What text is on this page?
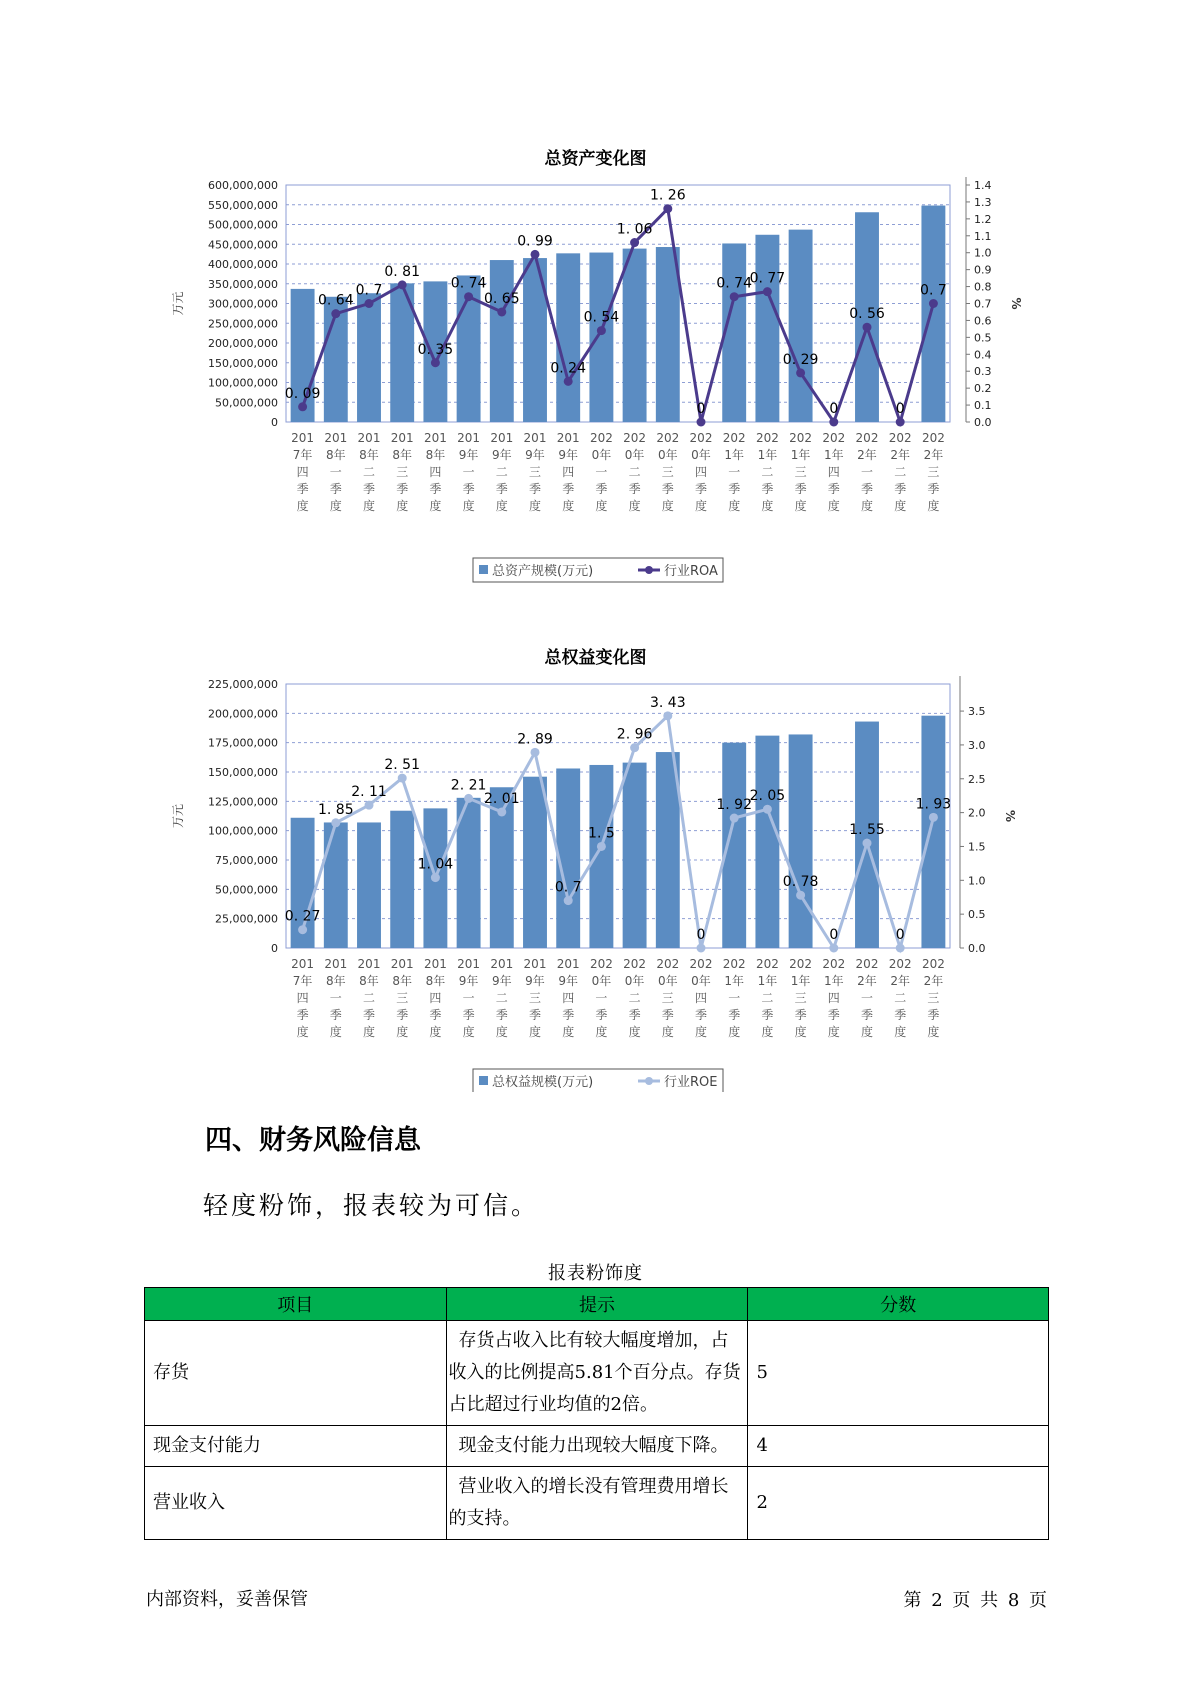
总资产变化图
0
50,000,000
100,000,000
150,000,000
200,000,000
250,000,000
300,000,000
350,000,000
400,000,000
450,000,000
500,000,000
550,000,000
600,000,000
0.0
0.1
0.2
0.3
0.4
0.5
0.6
0.7
0.8
0.9
1.0
1.1
1.2
1.3
1.4
万元	%
0. 09
0. 64
0. 7
0. 81
0. 35
0. 74
0. 65
0. 99
0. 24
0. 54
1. 06
1. 26
0
0. 74
0. 77
0. 29
0
0. 56
0
0. 7
201 7年四季度
201 8年一季度
201 8年二季度
201 8年三季度
201 8年四季度
201 9年一季度
201 9年二季度
201 9年三季度
201 9年四季度
202 0年一季度
202 0年二季度
202 0年三季度
202 0年四季度
202 1年一季度
202 1年二季度
202 1年三季度
202 1年四季度
202 2年一季度
202 2年二季度
202 2年三季度
总资产规模(万元)	行业ROA
总权益变化图
0
25,000,000
50,000,000
75,000,000
100,000,000
125,000,000
150,000,000
175,000,000
200,000,000
225,000,000
0.0
0.5
1.0
1.5
2.0
2.5
3.0
3.5
万元	%
0. 27
1. 85
2. 11
2. 51
1. 04
2. 21
2. 01
2. 89
0. 7
1. 5
2. 96
3. 43
0
1. 92
2. 05
0. 78
0
1. 55
0
1. 93
201 7年四季度
201 8年一季度
201 8年二季度
201 8年三季度
201 8年四季度
201 9年一季度
201 9年二季度
201 9年三季度
201 9年四季度
202 0年一季度
202 0年二季度
202 0年三季度
202 0年四季度
202 1年一季度
202 1年二季度
202 1年三季度
202 1年四季度
202 2年一季度
202 2年二季度
202 2年三季度
总权益规模(万元)	行业ROE
四、财务风险信息
轻度粉饰，报表较为可信。
报表粉饰度
项目	提示	分数
存货	存货占收入比有较大幅度增加，占收入的比例提高5.81个百分点。存货占比超过行业均值的2倍。	5
现金支付能力	现金支付能力出现较大幅度下降。	4
营业收入	营业收入的增长没有管理费用增长的支持。	2
内部资料，妥善保管	第 2 页 共 8 页
